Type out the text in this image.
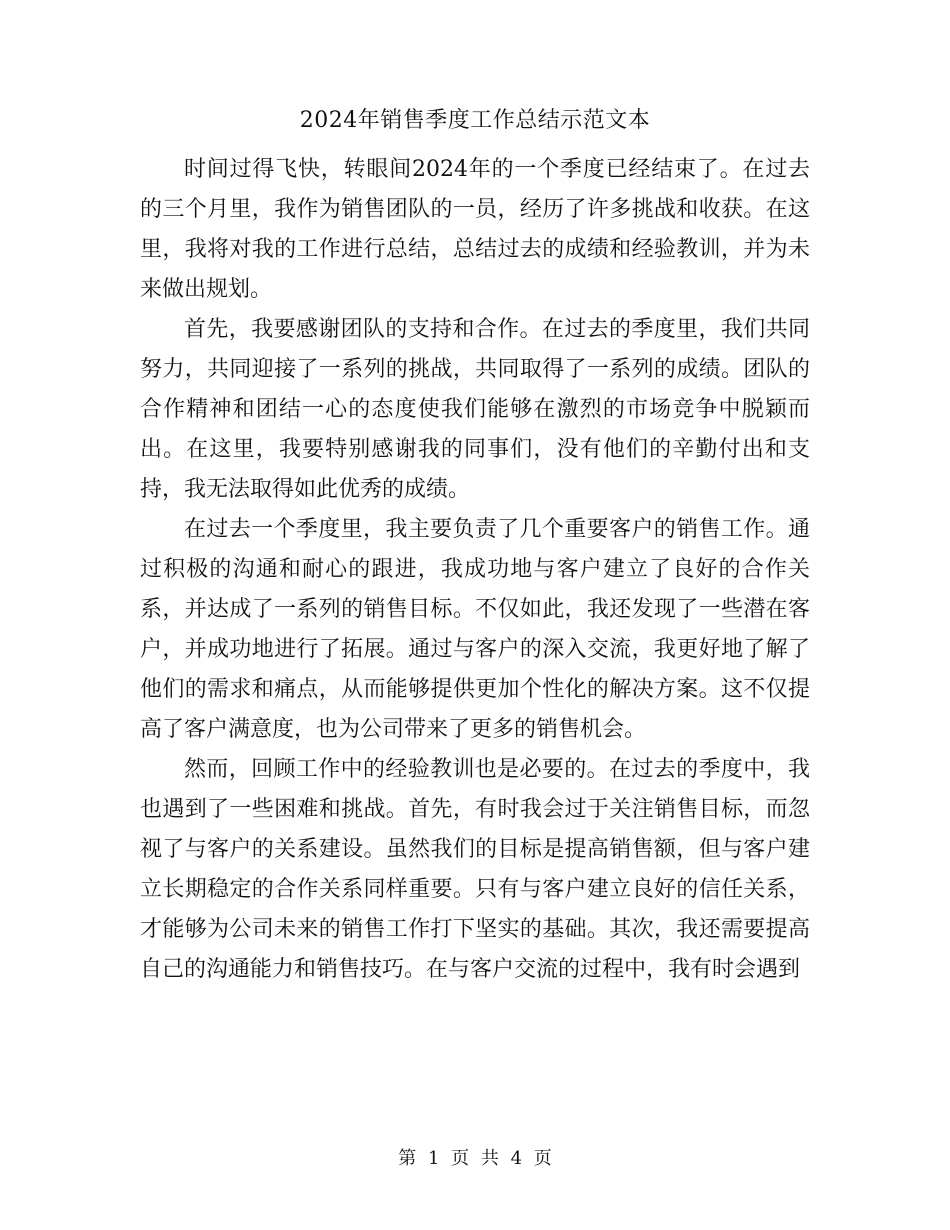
2024年销售季度工作总结示范文本

时间过得飞快，转眼间2024年的一个季度已经结束了。在过去的三个月里，我作为销售团队的一员，经历了许多挑战和收获。在这里，我将对我的工作进行总结，总结过去的成绩和经验教训，并为未来做出规划。

首先，我要感谢团队的支持和合作。在过去的季度里，我们共同努力，共同迎接了一系列的挑战，共同取得了一系列的成绩。团队的合作精神和团结一心的态度使我们能够在激烈的市场竞争中脱颖而出。在这里，我要特别感谢我的同事们，没有他们的辛勤付出和支持，我无法取得如此优秀的成绩。

在过去一个季度里，我主要负责了几个重要客户的销售工作。通过积极的沟通和耐心的跟进，我成功地与客户建立了良好的合作关系，并达成了一系列的销售目标。不仅如此，我还发现了一些潜在客户，并成功地进行了拓展。通过与客户的深入交流，我更好地了解了他们的需求和痛点，从而能够提供更加个性化的解决方案。这不仅提高了客户满意度，也为公司带来了更多的销售机会。

然而，回顾工作中的经验教训也是必要的。在过去的季度中，我也遇到了一些困难和挑战。首先，有时我会过于关注销售目标，而忽视了与客户的关系建设。虽然我们的目标是提高销售额，但与客户建立长期稳定的合作关系同样重要。只有与客户建立良好的信任关系，才能够为公司未来的销售工作打下坚实的基础。其次，我还需要提高自己的沟通能力和销售技巧。在与客户交流的过程中，我有时会遇到

第 1 页 共 4 页
